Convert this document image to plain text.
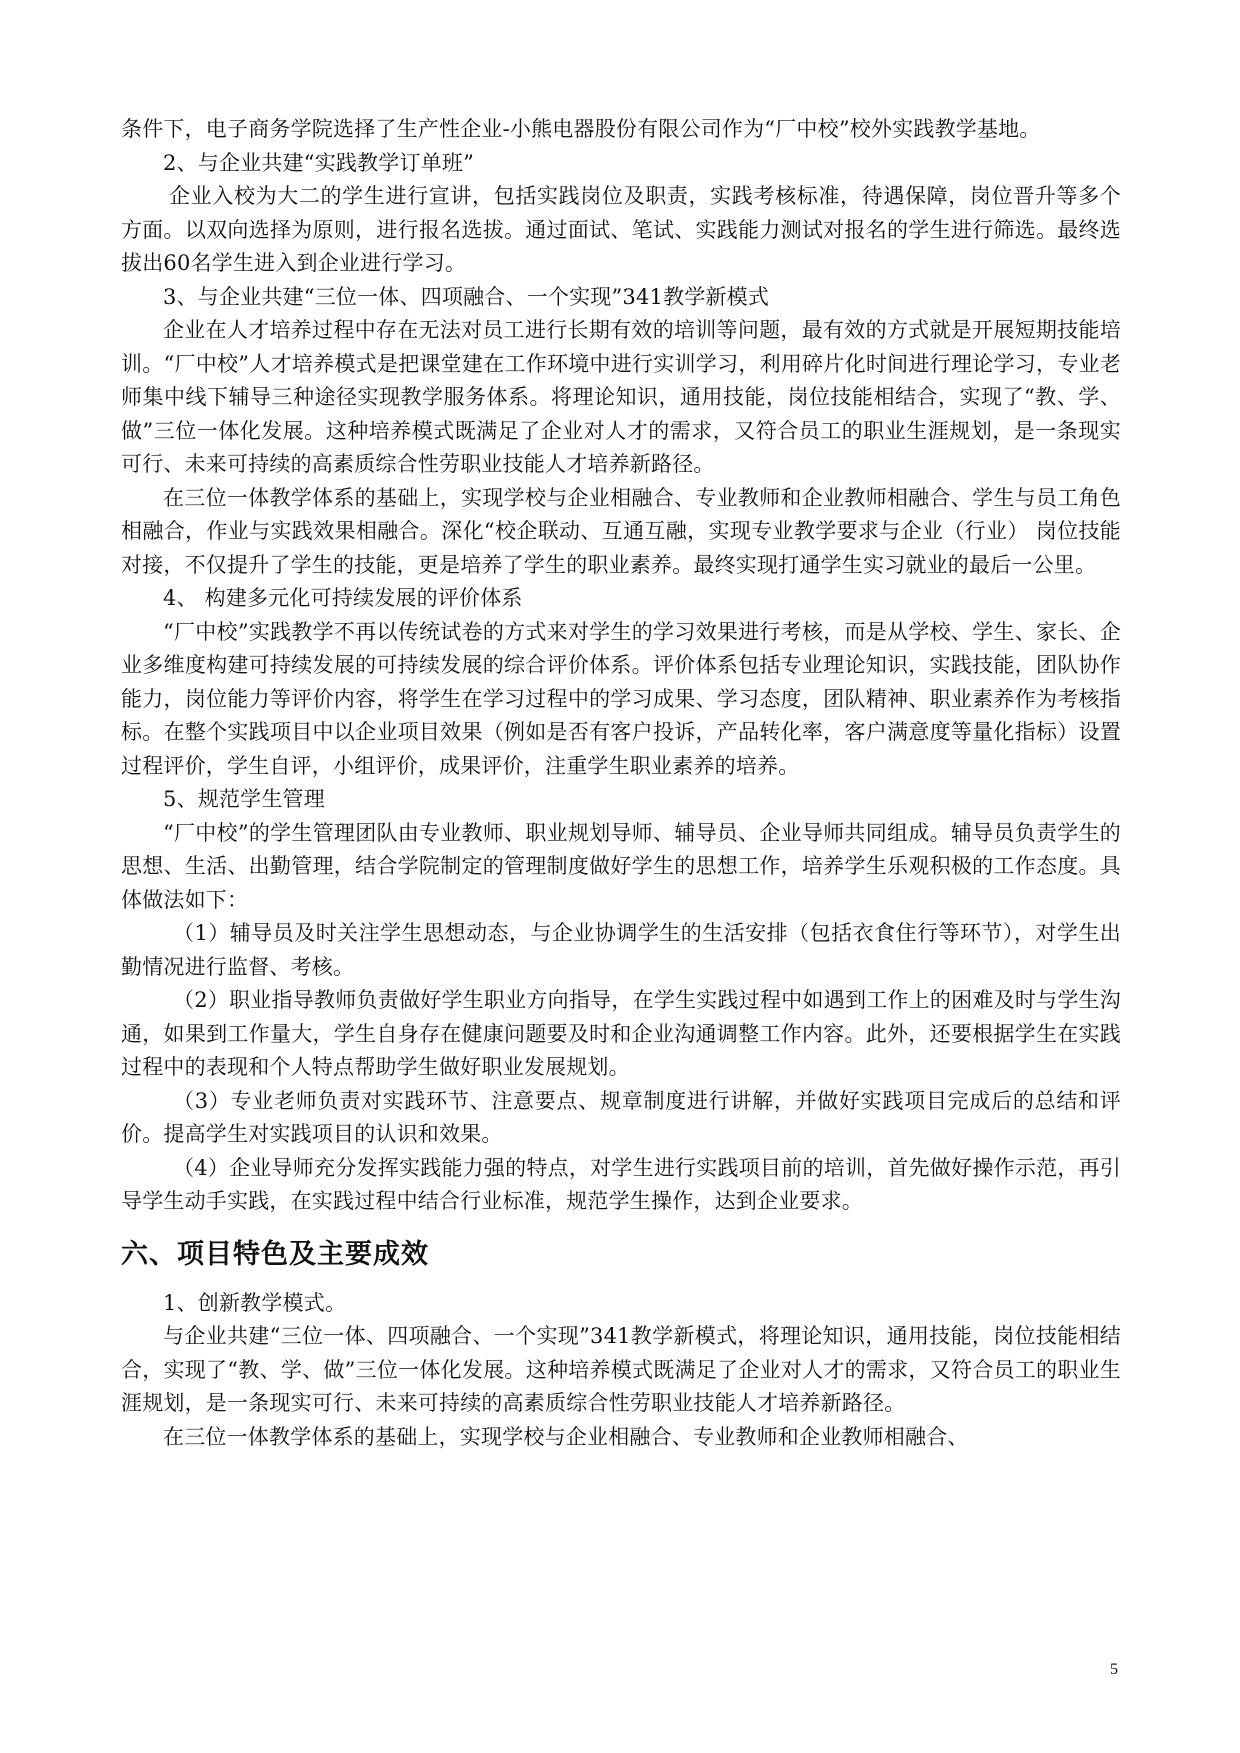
条件下，电子商务学院选择了生产性企业-小熊电器股份有限公司作为“厂中校”校外实践教学基地。

2、与企业共建“实践教学订单班”

企业入校为大二的学生进行宣讲，包括实践岗位及职责，实践考核标准，待遇保障，岗位晋升等多个方面。以双向选择为原则，进行报名选拔。通过面试、笔试、实践能力测试对报名的学生进行筛选。最终选拔出60名学生进入到企业进行学习。

3、与企业共建“三位一体、四项融合、一个实现”341教学新模式

企业在人才培养过程中存在无法对员工进行长期有效的培训等问题，最有效的方式就是开展短期技能培训。“厂中校”人才培养模式是把课堂建在工作环境中进行实训学习，利用碎片化时间进行理论学习，专业老师集中线下辅导三种途径实现教学服务体系。将理论知识，通用技能，岗位技能相结合，实现了“教、学、做”三位一体化发展。这种培养模式既满足了企业对人才的需求，又符合员工的职业生涯规划，是一条现实可行、未来可持续的高素质综合性劳职业技能人才培养新路径。

在三位一体教学体系的基础上，实现学校与企业相融合、专业教师和企业教师相融合、学生与员工角色相融合，作业与实践效果相融合。深化“校企联动、互通互融，实现专业教学要求与企业（行业） 岗位技能对接，不仅提升了学生的技能，更是培养了学生的职业素养。最终实现打通学生实习就业的最后一公里。

4、 构建多元化可持续发展的评价体系

“厂中校”实践教学不再以传统试卷的方式来对学生的学习效果进行考核，而是从学校、学生、家长、企业多维度构建可持续发展的可持续发展的综合评价体系。评价体系包括专业理论知识，实践技能，团队协作能力，岗位能力等评价内容，将学生在学习过程中的学习成果、学习态度，团队精神、职业素养作为考核指标。在整个实践项目中以企业项目效果（例如是否有客户投诉，产品转化率，客户满意度等量化指标）设置过程评价，学生自评，小组评价，成果评价，注重学生职业素养的培养。

5、规范学生管理

“厂中校”的学生管理团队由专业教师、职业规划导师、辅导员、企业导师共同组成。辅导员负责学生的思想、生活、出勤管理，结合学院制定的管理制度做好学生的思想工作，培养学生乐观积极的工作态度。具体做法如下：

（1）辅导员及时关注学生思想动态，与企业协调学生的生活安排（包括衣食住行等环节），对学生出勤情况进行监督、考核。

（2）职业指导教师负责做好学生职业方向指导，在学生实践过程中如遇到工作上的困难及时与学生沟通，如果到工作量大，学生自身存在健康问题要及时和企业沟通调整工作内容。此外，还要根据学生在实践过程中的表现和个人特点帮助学生做好职业发展规划。

（3）专业老师负责对实践环节、注意要点、规章制度进行讲解，并做好实践项目完成后的总结和评价。提高学生对实践项目的认识和效果。

（4）企业导师充分发挥实践能力强的特点，对学生进行实践项目前的培训，首先做好操作示范，再引导学生动手实践，在实践过程中结合行业标准，规范学生操作，达到企业要求。

六、项目特色及主要成效

1、创新教学模式。

与企业共建“三位一体、四项融合、一个实现”341教学新模式，将理论知识，通用技能，岗位技能相结合，实现了“教、学、做”三位一体化发展。这种培养模式既满足了企业对人才的需求，又符合员工的职业生涯规划，是一条现实可行、未来可持续的高素质综合性劳职业技能人才培养新路径。

在三位一体教学体系的基础上，实现学校与企业相融合、专业教师和企业教师相融合、

5
